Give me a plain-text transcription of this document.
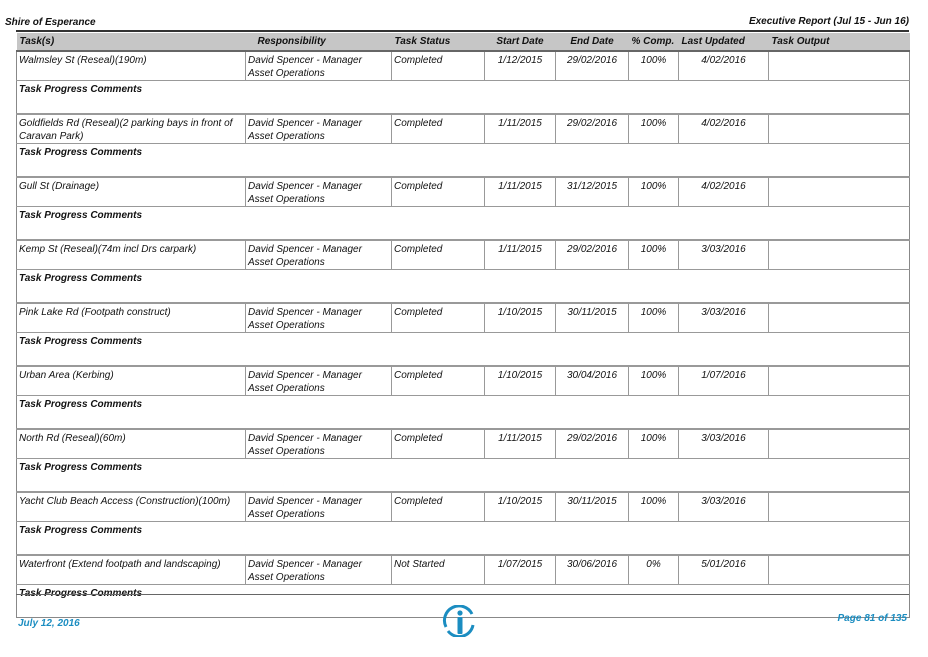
Shire of Esperance	Executive Report (Jul 15 - Jun 16)
Task(s)	Responsibility	Task Status	Start Date	End Date	% Comp.	Last Updated	Task Output
Walmsley St (Reseal)(190m)	David Spencer - Manager Asset Operations	Completed	1/12/2015	29/02/2016	100%	4/02/2016	
Task Progress Comments							
Goldfields Rd (Reseal)(2 parking bays in front of Caravan Park)	David Spencer - Manager Asset Operations	Completed	1/11/2015	29/02/2016	100%	4/02/2016	
Task Progress Comments							
Gull St (Drainage)	David Spencer - Manager Asset Operations	Completed	1/11/2015	31/12/2015	100%	4/02/2016	
Task Progress Comments							
Kemp St (Reseal)(74m incl Drs carpark)	David Spencer - Manager Asset Operations	Completed	1/11/2015	29/02/2016	100%	3/03/2016	
Task Progress Comments							
Pink Lake Rd (Footpath construct)	David Spencer - Manager Asset Operations	Completed	1/10/2015	30/11/2015	100%	3/03/2016	
Task Progress Comments							
Urban Area (Kerbing)	David Spencer - Manager Asset Operations	Completed	1/10/2015	30/04/2016	100%	1/07/2016	
Task Progress Comments							
North Rd (Reseal)(60m)	David Spencer - Manager Asset Operations	Completed	1/11/2015	29/02/2016	100%	3/03/2016	
Task Progress Comments							
Yacht Club Beach Access (Construction)(100m)	David Spencer - Manager Asset Operations	Completed	1/10/2015	30/11/2015	100%	3/03/2016	
Task Progress Comments							
Waterfront (Extend footpath and landscaping)	David Spencer - Manager Asset Operations	Not Started	1/07/2015	30/06/2016	0%	5/01/2016	

July 12, 2016	Page 81 of 135
